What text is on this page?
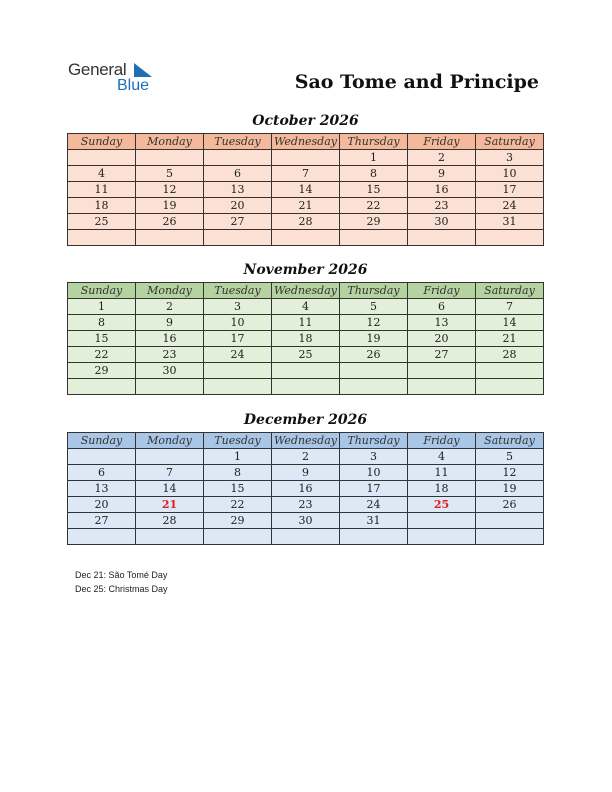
General
Blue	Sao Tome and Principe
October 2026
Sunday	Monday	Tuesday	Wednesday	Thursday	Friday	Saturday
				1	2	3
4	5	6	7	8	9	10
11	12	13	14	15	16	17
18	19	20	21	22	23	24
25	26	27	28	29	30	31

November 2026
Sunday	Monday	Tuesday	Wednesday	Thursday	Friday	Saturday
1	2	3	4	5	6	7
8	9	10	11	12	13	14
15	16	17	18	19	20	21
22	23	24	25	26	27	28
29	30					

December 2026
Sunday	Monday	Tuesday	Wednesday	Thursday	Friday	Saturday
		1	2	3	4	5
6	7	8	9	10	11	12
13	14	15	16	17	18	19
20	21	22	23	24	25	26
27	28	29	30	31		

Dec 21: São Tomé Day
Dec 25: Christmas Day
